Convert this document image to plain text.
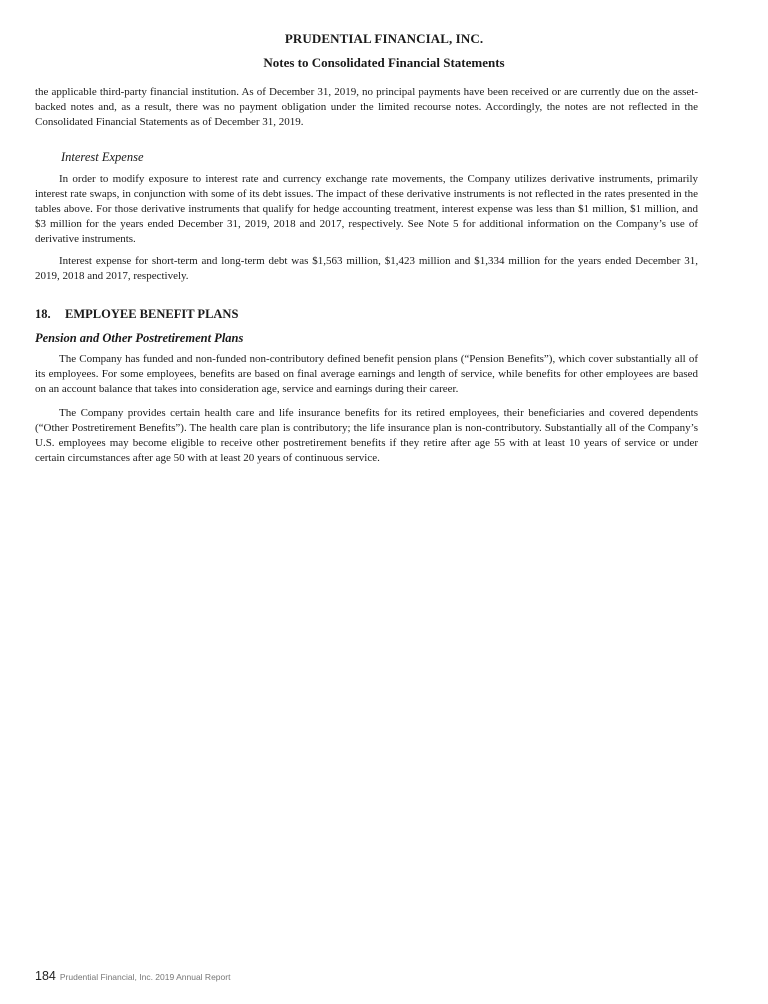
PRUDENTIAL FINANCIAL, INC.
Notes to Consolidated Financial Statements

the applicable third-party financial institution. As of December 31, 2019, no principal payments have been received or are currently due on the asset-backed notes and, as a result, there was no payment obligation under the limited recourse notes. Accordingly, the notes are not reflected in the Consolidated Financial Statements as of December 31, 2019.

Interest Expense

In order to modify exposure to interest rate and currency exchange rate movements, the Company utilizes derivative instruments, primarily interest rate swaps, in conjunction with some of its debt issues. The impact of these derivative instruments is not reflected in the rates presented in the tables above. For those derivative instruments that qualify for hedge accounting treatment, interest expense was less than $1 million, $1 million, and $3 million for the years ended December 31, 2019, 2018 and 2017, respectively. See Note 5 for additional information on the Company’s use of derivative instruments.

Interest expense for short-term and long-term debt was $1,563 million, $1,423 million and $1,334 million for the years ended December 31, 2019, 2018 and 2017, respectively.

18. EMPLOYEE BENEFIT PLANS
Pension and Other Postretirement Plans

The Company has funded and non-funded non-contributory defined benefit pension plans (“Pension Benefits”), which cover substantially all of its employees. For some employees, benefits are based on final average earnings and length of service, while benefits for other employees are based on an account balance that takes into consideration age, service and earnings during their career.

The Company provides certain health care and life insurance benefits for its retired employees, their beneficiaries and covered dependents (“Other Postretirement Benefits”). The health care plan is contributory; the life insurance plan is non-contributory. Substantially all of the Company’s U.S. employees may become eligible to receive other postretirement benefits if they retire after age 55 with at least 10 years of service or under certain circumstances after age 50 with at least 20 years of continuous service.

184 Prudential Financial, Inc. 2019 Annual Report
